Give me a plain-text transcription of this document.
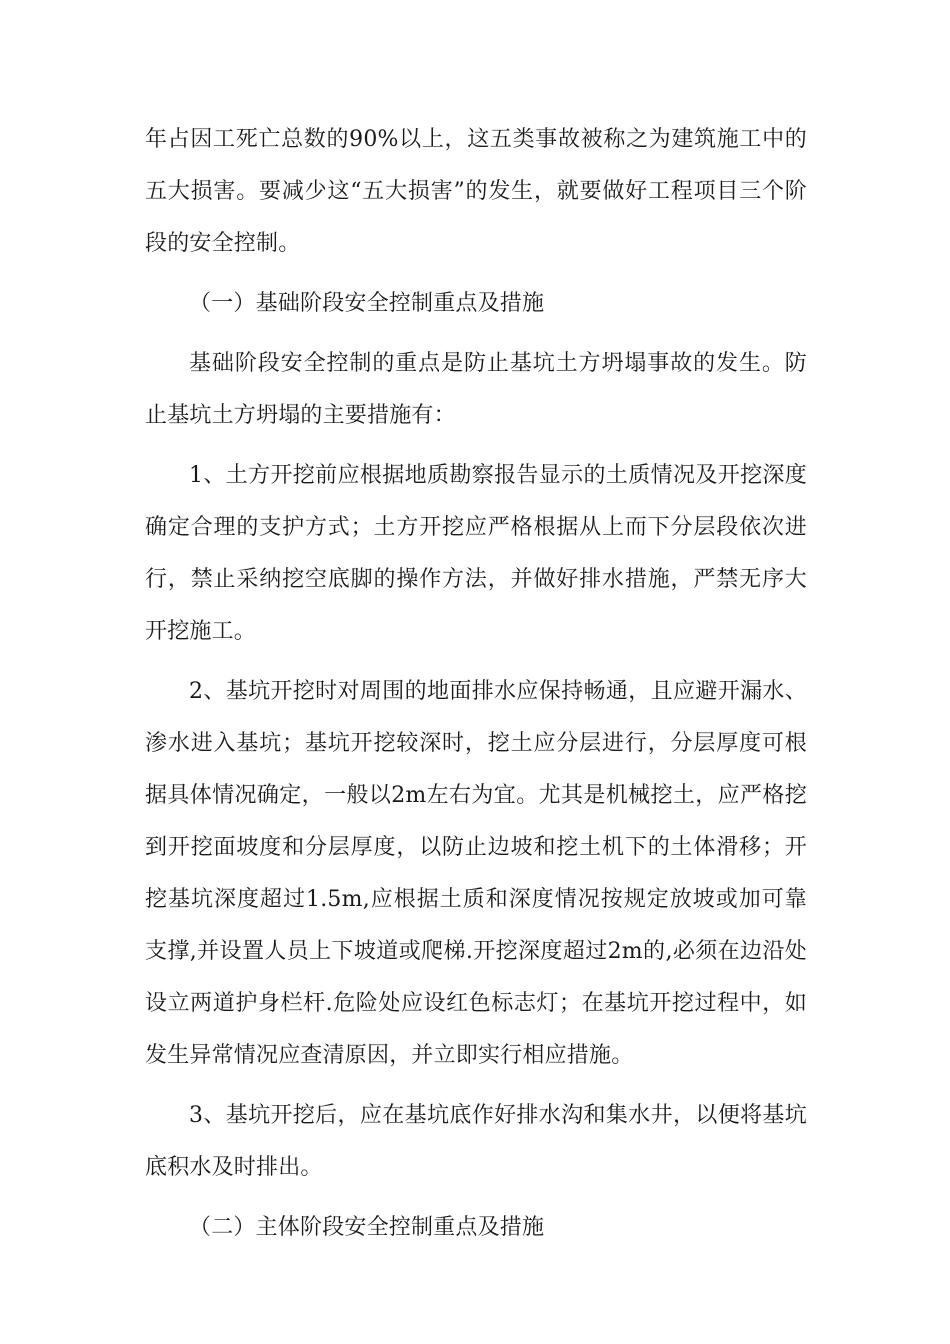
年占因工死亡总数的90%以上，这五类事故被称之为建筑施工中的五大损害。要减少这“五大损害”的发生，就要做好工程项目三个阶段的安全控制。

（一）基础阶段安全控制重点及措施

基础阶段安全控制的重点是防止基坑土方坍塌事故的发生。防止基坑土方坍塌的主要措施有：

1、土方开挖前应根据地质勘察报告显示的土质情况及开挖深度确定合理的支护方式；土方开挖应严格根据从上而下分层段依次进行，禁止采纳挖空底脚的操作方法，并做好排水措施，严禁无序大开挖施工。

2、基坑开挖时对周围的地面排水应保持畅通，且应避开漏水、渗水进入基坑；基坑开挖较深时，挖土应分层进行，分层厚度可根据具体情况确定，一般以2m左右为宜。尤其是机械挖土，应严格挖到开挖面坡度和分层厚度，以防止边坡和挖土机下的土体滑移；开挖基坑深度超过1.5m,应根据土质和深度情况按规定放坡或加可靠支撑,并设置人员上下坡道或爬梯.开挖深度超过2m的,必须在边沿处设立两道护身栏杆.危险处应设红色标志灯；在基坑开挖过程中，如发生异常情况应查清原因，并立即实行相应措施。

3、基坑开挖后，应在基坑底作好排水沟和集水井，以便将基坑底积水及时排出。

（二）主体阶段安全控制重点及措施
